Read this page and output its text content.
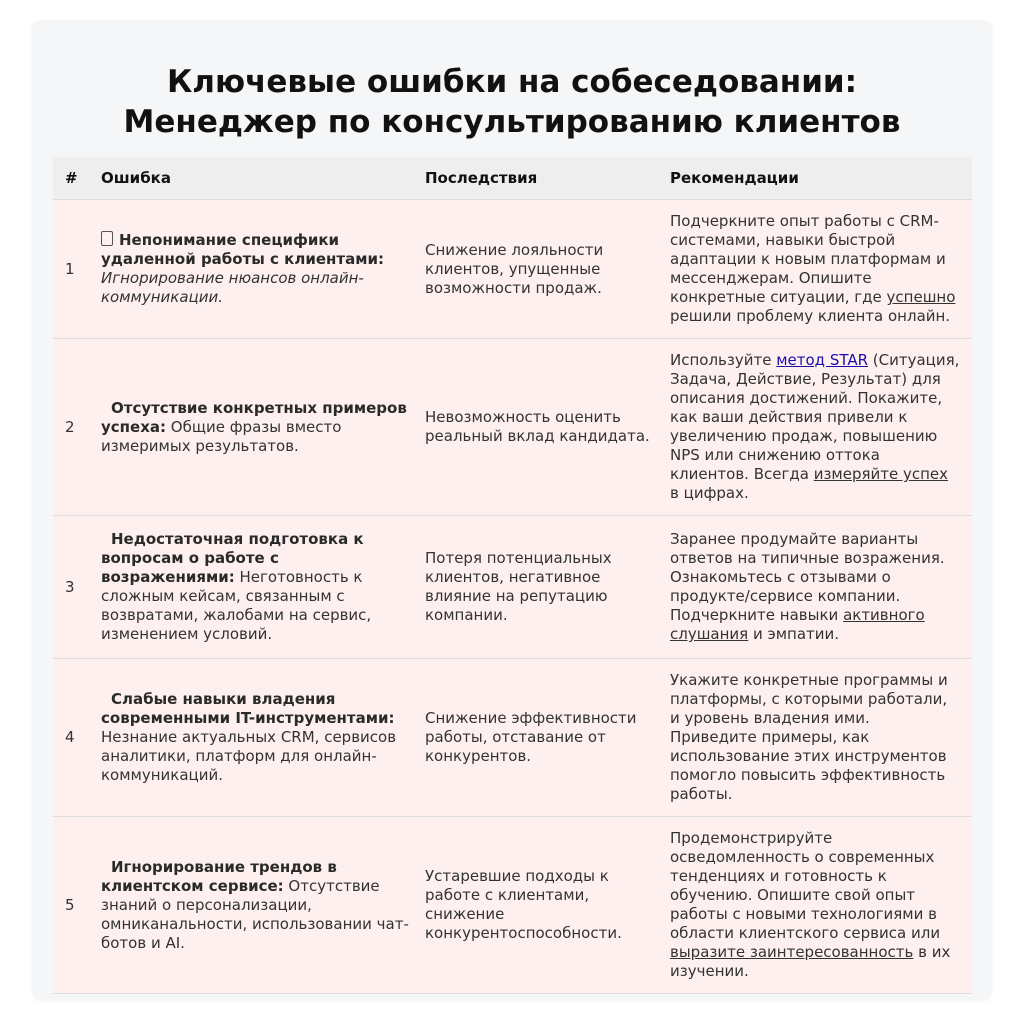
Ключевые ошибки на собеседовании:
Менеджер по консультированию клиентов
#	Ошибка	Последствия	Рекомендации
1	Непонимание специфики удаленной работы с клиентами: Игнорирование нюансов онлайн-коммуникации.	Снижение лояльности клиентов, упущенные возможности продаж.	Подчеркните опыт работы с CRM-системами, навыки быстрой адаптации к новым платформам и мессенджерам. Опишите конкретные ситуации, где успешно решили проблему клиента онлайн.
2	Отсутствие конкретных примеров успеха: Общие фразы вместо измеримых результатов.	Невозможность оценить реальный вклад кандидата.	Используйте метод STAR (Ситуация, Задача, Действие, Результат) для описания достижений. Покажите, как ваши действия привели к увеличению продаж, повышению NPS или снижению оттока клиентов. Всегда измеряйте успех в цифрах.
3	Недостаточная подготовка к вопросам о работе с возражениями: Неготовность к сложным кейсам, связанным с возвратами, жалобами на сервис, изменением условий.	Потеря потенциальных клиентов, негативное влияние на репутацию компании.	Заранее продумайте варианты ответов на типичные возражения. Ознакомьтесь с отзывами о продукте/сервисе компании. Подчеркните навыки активного слушания и эмпатии.
4	Слабые навыки владения современными IT-инструментами: Незнание актуальных CRM, сервисов аналитики, платформ для онлайн-коммуникаций.	Снижение эффективности работы, отставание от конкурентов.	Укажите конкретные программы и платформы, с которыми работали, и уровень владения ими. Приведите примеры, как использование этих инструментов помогло повысить эффективность работы.
5	Игнорирование трендов в клиентском сервисе: Отсутствие знаний о персонализации, омниканальности, использовании чат-ботов и AI.	Устаревшие подходы к работе с клиентами, снижение конкурентоспособности.	Продемонстрируйте осведомленность о современных тенденциях и готовность к обучению. Опишите свой опыт работы с новыми технологиями в области клиентского сервиса или выразите заинтересованность в их изучении.
